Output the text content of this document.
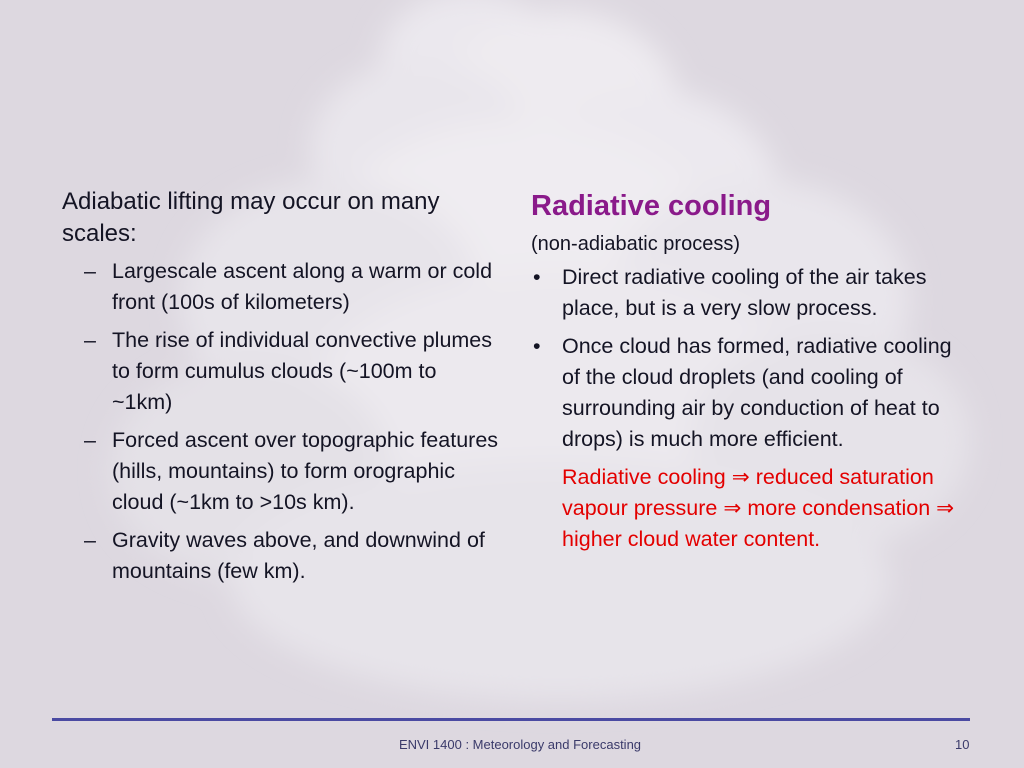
Adiabatic lifting may occur on many scales:

– Largescale ascent along a warm or cold front (100s of kilometers)
– The rise of individual convective plumes to form cumulus clouds (~100m to ~1km)
– Forced ascent over topographic features (hills, mountains) to form orographic cloud (~1km to >10s km).
– Gravity waves above, and downwind of mountains (few km).
Radiative cooling

(non-adiabatic process)

• Direct radiative cooling of the air takes place, but is a very slow process.
• Once cloud has formed, radiative cooling of the cloud droplets (and cooling of surrounding air by conduction of heat to drops) is much more efficient.

Radiative cooling ⇒ reduced saturation vapour pressure ⇒ more condensation ⇒ higher cloud water content.

ENVI 1400 : Meteorology and Forecasting	10
